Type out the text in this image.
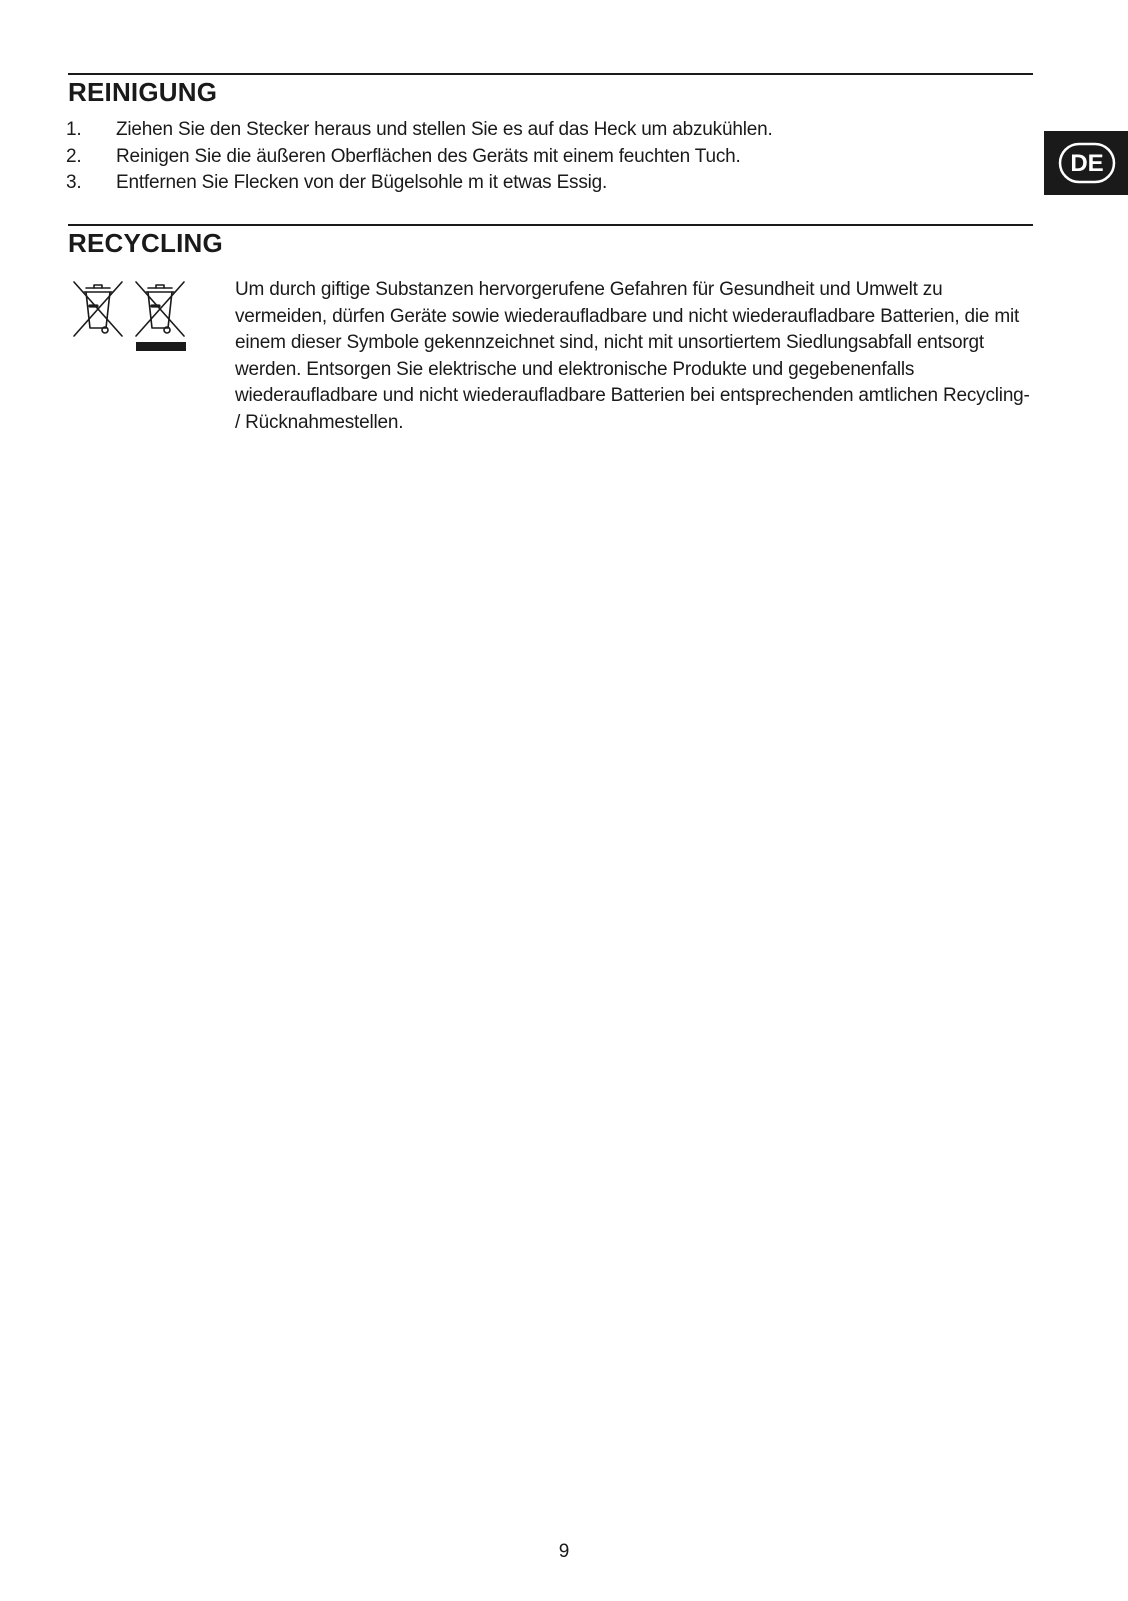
REINIGUNG
1.	Ziehen Sie den Stecker heraus und stellen Sie es auf das Heck um abzukühlen.
2.	Reinigen Sie die äußeren Oberflächen des Geräts mit einem feuchten Tuch.
3.	Entfernen Sie Flecken von der Bügelsohle m it etwas Essig.
DE
RECYCLING

Um durch giftige Substanzen hervorgerufene Gefahren für Gesundheit und Umwelt zu vermeiden, dürfen Geräte sowie wiederaufladbare und nicht wiederaufladbare Batterien, die mit einem dieser Symbole gekennzeichnet sind, nicht mit unsortiertem Siedlungsabfall entsorgt werden. Entsorgen Sie elektrische und elektronische Produkte und gegebenenfalls wiederaufladbare und nicht wiederaufladbare Batterien bei entsprechenden amtlichen Recycling- / Rücknahmestellen.

9
